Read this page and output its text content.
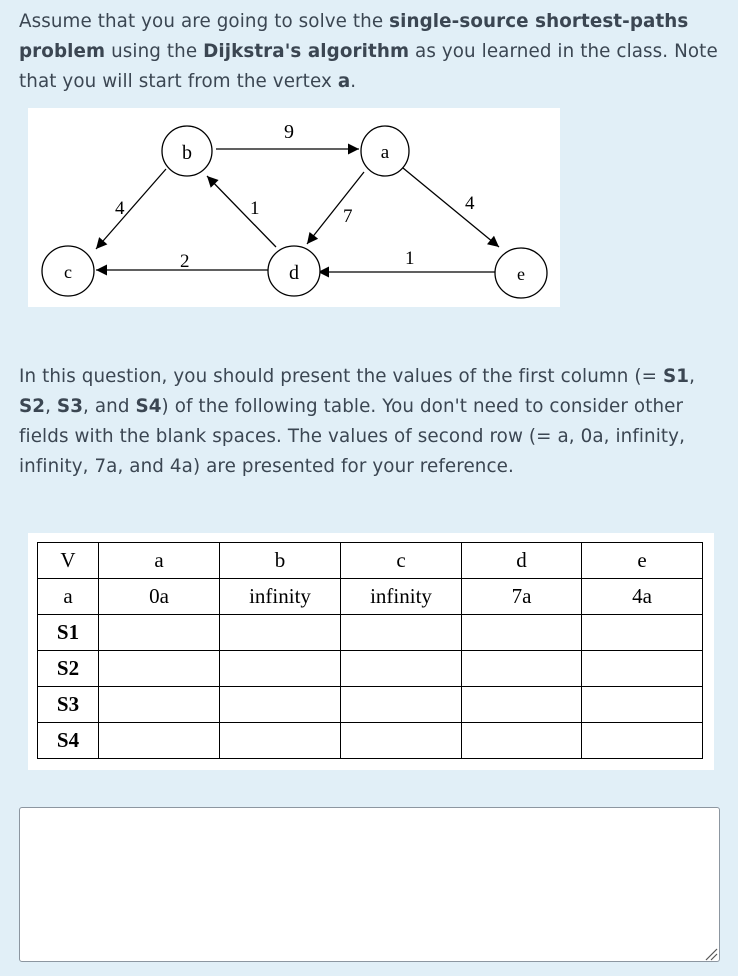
Assume that you are going to solve the single-source shortest-paths problem using the Dijkstra's algorithm as you learned in the class. Note that you will start from the vertex a.

9
4	1	7
4
2	1
a
b
c	d	e

In this question, you should present the values of the first column (= S1, S2, S3, and S4) of the following table. You don't need to consider other fields with the blank spaces. The values of second row (= a, 0a, infinity, infinity, 7a, and 4a) are presented for your reference.

V	a	b	c	d	e
a	0a	infinity	infinity	7a	4a
S1					
S2					
S3					
S4					
